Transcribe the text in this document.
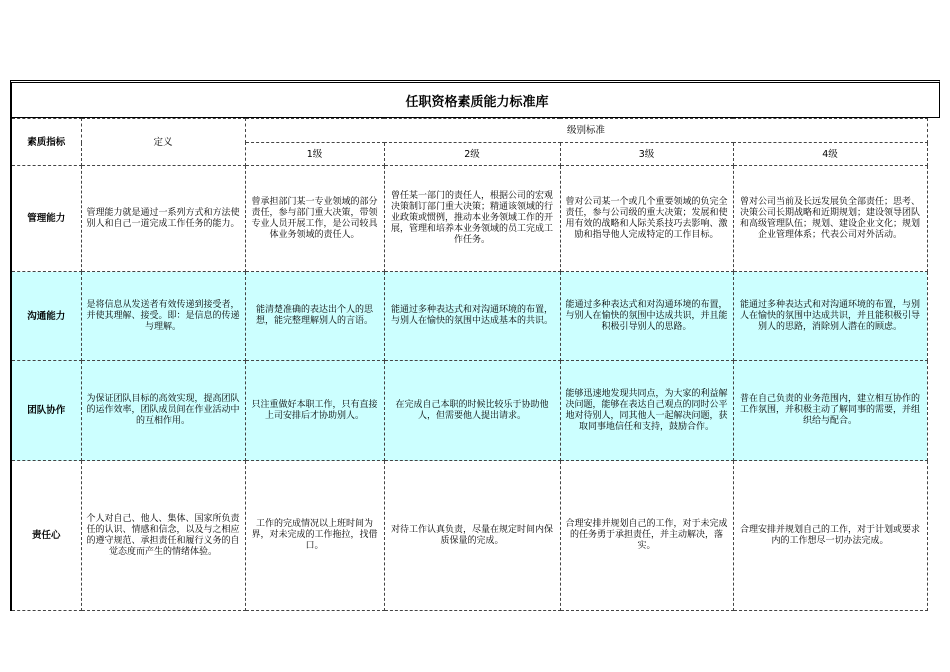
任职资格素质能力标准库
素质指标	定义	级别标准			
		1级	2级	3级	4级
管理能力	管理能力就是通过一系列方式和方法使别人和自己一道完成工作任务的能力。	曾承担部门某一专业领域的部分责任，参与部门重大决策，带领专业人员开展工作，是公司较具体业务领域的责任人。	曾任某一部门的责任人，根据公司的宏观决策制订部门重大决策；精通该领域的行业政策或惯例，推动本业务领域工作的开展，管理和培养本业务领域的员工完成工作任务。	曾对公司某一个或几个重要领域的负完全责任，参与公司级的重大决策；发展和使用有效的战略和人际关系技巧去影响、激励和指导他人完成特定的工作目标。	曾对公司当前及长远发展负全部责任；思考、决策公司长期战略和近期规划；建设领导团队和高级管理队伍；规划、建设企业文化；规划企业管理体系；代表公司对外活动。
沟通能力	是将信息从发送者有效传递到接受者，并使其理解、接受。即：是信息的传递与理解。	能清楚准确的表达出个人的思想，能完整理解别人的言语。	能通过多种表达式和对沟通环境的布置，与别人在愉快的氛围中达成基本的共识。	能通过多种表达式和对沟通环境的布置，与别人在愉快的氛围中达成共识，并且能积极引导别人的思路。	能通过多种表达式和对沟通环境的布置，与别人在愉快的氛围中达成共识，并且能积极引导别人的思路，消除别人潜在的顾虑。
团队协作	为保证团队目标的高效实现，提高团队的运作效率，团队成员间在作业活动中的互相作用。	只注重做好本职工作，只有直接上司安排后才协助别人。	在完成自己本职的时候比较乐于协助他人，但需要他人提出请求。	能够迅速地发现共同点，为大家的利益解决问题，能够在表达自己观点的同时公平地对待别人，同其他人一起解决问题，获取同事地信任和支持，鼓励合作。	普在自己负责的业务范围内，建立相互协作的工作氛围，并积极主动了解同事的需要，并组织给与配合。
责任心	个人对自己、他人、集体、国家所负责任的认识、情感和信念，以及与之相应的遵守规范、承担责任和履行义务的自觉态度而产生的情绪体验。	工作的完成情况以上班时间为界，对未完成的工作拖拉，找借口。	对待工作认真负责，尽量在规定时间内保质保量的完成。	合理安排并规划自己的工作，对于未完成的任务勇于承担责任，并主动解决，落实。	合理安排并规划自己的工作，对于计划或要求内的工作想尽一切办法完成。
